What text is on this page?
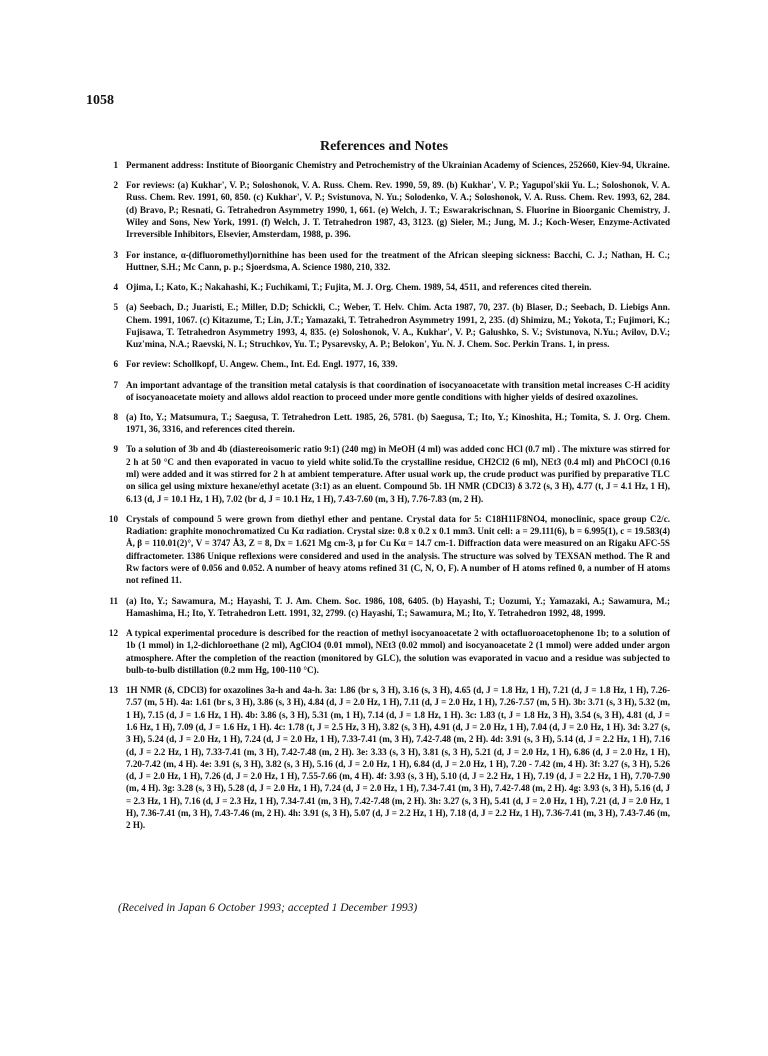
1058
References and Notes
1 Permanent address: Institute of Bioorganic Chemistry and Petrochemistry of the Ukrainian Academy of Sciences, 252660, Kiev-94, Ukraine.
2 For reviews: (a) Kukhar', V. P.; Soloshonok, V. A. Russ. Chem. Rev. 1990, 59, 89. (b) Kukhar', V. P.; Yagupol'skii Yu. L.; Soloshonok, V. A. Russ. Chem. Rev. 1991, 60, 850. (c) Kukhar', V. P.; Svistunova, N. Yu.; Solodenko, V. A.; Soloshonok, V. A. Russ. Chem. Rev. 1993, 62, 284. (d) Bravo, P.; Resnati, G. Tetrahedron Asymmetry 1990, 1, 661. (e) Welch, J. T.; Eswarakrischnan, S. Fluorine in Bioorganic Chemistry, J. Wiley and Sons, New York, 1991. (f) Welch, J. T. Tetrahedron 1987, 43, 3123. (g) Sieler, M.; Jung, M. J.; Koch-Weser, Enzyme-Activated Irreversible Inhibitors, Elsevier, Amsterdam, 1988, p. 396.
3 For instance, α-(difluoromethyl)ornithine has been used for the treatment of the African sleeping sickness: Bacchi, C. J.; Nathan, H. C.; Huttner, S.H.; Mc Cann, p. p.; Sjoerdsma, A. Science 1980, 210, 332.
4 Ojima, I.; Kato, K.; Nakahashi, K.; Fuchikami, T.; Fujita, M. J. Org. Chem. 1989, 54, 4511, and references cited therein.
5 (a) Seebach, D.; Juaristi, E.; Miller, D.D; Schickli, C.; Weber, T. Helv. Chim. Acta 1987, 70, 237. (b) Blaser, D.; Seebach, D. Liebigs Ann. Chem. 1991, 1067. (c) Kitazume, T.; Lin, J.T.; Yamazaki, T. Tetrahedron Asymmetry 1991, 2, 235. (d) Shimizu, M.; Yokota, T.; Fujimori, K.; Fujisawa, T. Tetrahedron Asymmetry 1993, 4, 835. (e) Soloshonok, V. A., Kukhar', V. P.; Galushko, S. V.; Svistunova, N.Yu.; Avilov, D.V.; Kuz'mina, N.A.; Raevski, N. I.; Struchkov, Yu. T.; Pysarevsky, A. P.; Belokon', Yu. N. J. Chem. Soc. Perkin Trans. 1, in press.
6 For review: Schollkopf, U. Angew. Chem., Int. Ed. Engl. 1977, 16, 339.
7 An important advantage of the transition metal catalysis is that coordination of isocyanoacetate with transition metal increases C-H acidity of isocyanoacetate moiety and allows aldol reaction to proceed under more gentle conditions with higher yields of desired oxazolines.
8 (a) Ito, Y.; Matsumura, T.; Saegusa, T. Tetrahedron Lett. 1985, 26, 5781. (b) Saegusa, T.; Ito, Y.; Kinoshita, H.; Tomita, S. J. Org. Chem. 1971, 36, 3316, and references cited therein.
9 To a solution of 3b and 4b (diastereoisomeric ratio 9:1) (240 mg) in MeOH (4 ml) was added conc HCl (0.7 ml) . The mixture was stirred for 2 h at 50 °C and then evaporated in vacuo to yield white solid.To the crystalline residue, CH2Cl2 (6 ml), NEt3 (0.4 ml) and PhCOCl (0.16 ml) were added and it was stirred for 2 h at ambient temperature. After usual work up, the crude product was purified by preparative TLC on silica gel using mixture hexane/ethyl acetate (3:1) as an eluent. Compound 5b. 1H NMR (CDCl3) δ 3.72 (s, 3 H), 4.77 (t, J = 4.1 Hz, 1 H), 6.13 (d, J = 10.1 Hz, 1 H), 7.02 (br d, J = 10.1 Hz, 1 H), 7.43-7.60 (m, 3 H), 7.76-7.83 (m, 2 H).
10 Crystals of compound 5 were grown from diethyl ether and pentane. Crystal data for 5: C18H11F8NO4, monoclinic, space group C2/c. Radiation: graphite monochromatized Cu Kα radiation. Crystal size: 0.8 x 0.2 x 0.1 mm3. Unit cell: a = 29.111(6), b = 6.995(1), c = 19.583(4) Å, β = 110.01(2)°, V = 3747 Å3, Z = 8, Dx = 1.621 Mg cm-3, μ for Cu Kα = 14.7 cm-1. Diffraction data were measured on an Rigaku AFC-5S diffractometer. 1386 Unique reflexions were considered and used in the analysis. The structure was solved by TEXSAN method. The R and Rw factors were of 0.056 and 0.052. A number of heavy atoms refined 31 (C, N, O, F). A number of H atoms refined 0, a number of H atoms not refined 11.
11 (a) Ito, Y.; Sawamura, M.; Hayashi, T. J. Am. Chem. Soc. 1986, 108, 6405. (b) Hayashi, T.; Uozumi, Y.; Yamazaki, A.; Sawamura, M.; Hamashima, H.; Ito, Y. Tetrahedron Lett. 1991, 32, 2799. (c) Hayashi, T.; Sawamura, M.; Ito, Y. Tetrahedron 1992, 48, 1999.
12 A typical experimental procedure is described for the reaction of methyl isocyanoacetate 2 with octafluoroacetophenone 1b; to a solution of 1b (1 mmol) in 1,2-dichloroethane (2 ml), AgClO4 (0.01 mmol), NEt3 (0.02 mmol) and isocyanoacetate 2 (1 mmol) were added under argon atmosphere. After the completion of the reaction (monitored by GLC), the solution was evaporated in vacuo and a residue was subjected to bulb-to-bulb distillation (0.2 mm Hg, 100-110 °C).
13 1H NMR (δ, CDCl3) for oxazolines 3a-h and 4a-h. 3a: 1.86 (br s, 3 H), 3.16 (s, 3 H), 4.65 (d, J = 1.8 Hz, 1 H), 7.21 (d, J = 1.8 Hz, 1 H), 7.26-7.57 (m, 5 H). 4a: 1.61 (br s, 3 H), 3.86 (s, 3 H), 4.84 (d, J = 2.0 Hz, 1 H), 7.11 (d, J = 2.0 Hz, 1 H), 7.26-7.57 (m, 5 H). 3b: 3.71 (s, 3 H), 5.32 (m, 1 H), 7.15 (d, J = 1.6 Hz, 1 H). 4b: 3.86 (s, 3 H), 5.31 (m, 1 H), 7.14 (d, J = 1.8 Hz, 1 H). 3c: 1.83 (t, J = 1.8 Hz, 3 H), 3.54 (s, 3 H), 4.81 (d, J = 1.6 Hz, 1 H), 7.09 (d, J = 1.6 Hz, 1 H). 4c: 1.78 (t, J = 2.5 Hz, 3 H), 3.82 (s, 3 H), 4.91 (d, J = 2.0 Hz, 1 H), 7.04 (d, J = 2.0 Hz, 1 H). 3d: 3.27 (s, 3 H), 5.24 (d, J = 2.0 Hz, 1 H), 7.24 (d, J = 2.0 Hz, 1 H), 7.33-7.41 (m, 3 H), 7.42-7.48 (m, 2 H). 4d: 3.91 (s, 3 H), 5.14 (d, J = 2.2 Hz, 1 H), 7.16 (d, J = 2.2 Hz, 1 H), 7.33-7.41 (m, 3 H), 7.42-7.48 (m, 2 H). 3e: 3.33 (s, 3 H), 3.81 (s, 3 H), 5.21 (d, J = 2.0 Hz, 1 H), 6.86 (d, J = 2.0 Hz, 1 H), 7.20-7.42 (m, 4 H). 4e: 3.91 (s, 3 H), 3.82 (s, 3 H), 5.16 (d, J = 2.0 Hz, 1 H), 6.84 (d, J = 2.0 Hz, 1 H), 7.20 - 7.42 (m, 4 H). 3f: 3.27 (s, 3 H), 5.26 (d, J = 2.0 Hz, 1 H), 7.26 (d, J = 2.0 Hz, 1 H), 7.55-7.66 (m, 4 H). 4f: 3.93 (s, 3 H), 5.10 (d, J = 2.2 Hz, 1 H), 7.19 (d, J = 2.2 Hz, 1 H), 7.70-7.90 (m, 4 H). 3g: 3.28 (s, 3 H), 5.28 (d, J = 2.0 Hz, 1 H), 7.24 (d, J = 2.0 Hz, 1 H), 7.34-7.41 (m, 3 H), 7.42-7.48 (m, 2 H). 4g: 3.93 (s, 3 H), 5.16 (d, J = 2.3 Hz, 1 H), 7.16 (d, J = 2.3 Hz, 1 H), 7.34-7.41 (m, 3 H), 7.42-7.48 (m, 2 H). 3h: 3.27 (s, 3 H), 5.41 (d, J = 2.0 Hz, 1 H), 7.21 (d, J = 2.0 Hz, 1 H), 7.36-7.41 (m, 3 H), 7.43-7.46 (m, 2 H). 4h: 3.91 (s, 3 H), 5.07 (d, J = 2.2 Hz, 1 H), 7.18 (d, J = 2.2 Hz, 1 H), 7.36-7.41 (m, 3 H), 7.43-7.46 (m, 2 H).
(Received in Japan 6 October 1993; accepted 1 December 1993)
